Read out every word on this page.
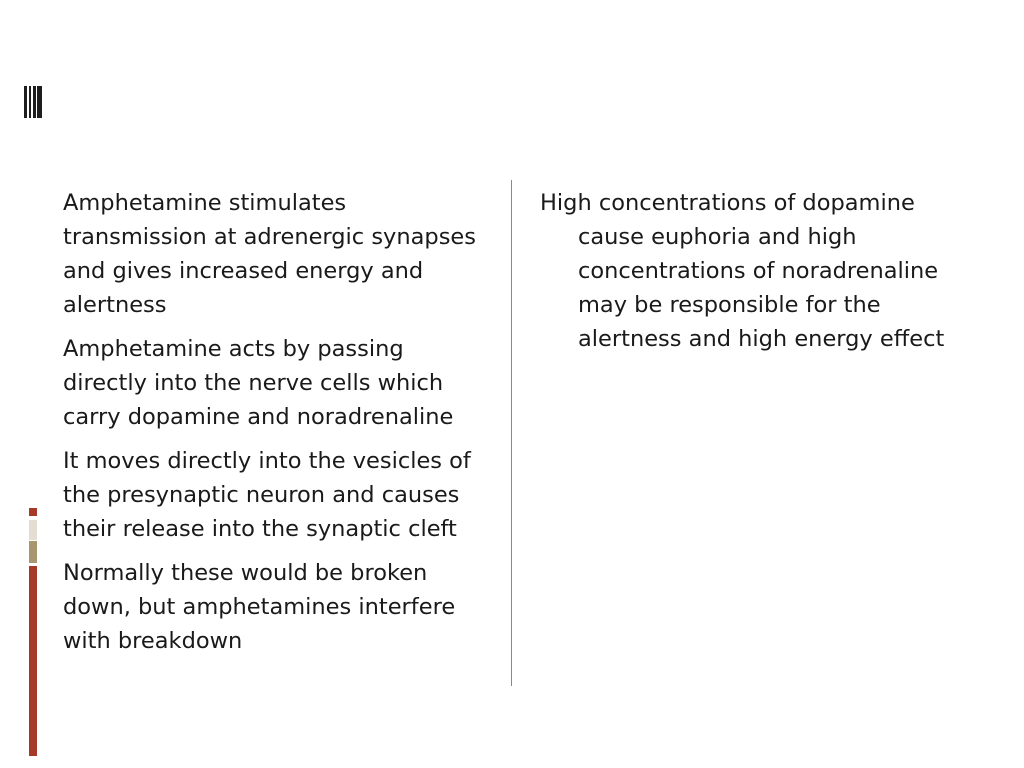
Amphetamine stimulates transmission at adrenergic synapses and gives increased energy and alertness

Amphetamine acts by passing directly into the nerve cells which carry dopamine and noradrenaline

It moves directly into the vesicles of the presynaptic neuron and causes their release into the synaptic cleft

Normally these would be broken down, but amphetamines interfere with breakdown

High concentrations of dopamine cause euphoria and high concentrations of noradrenaline may be responsible for the alertness and high energy effect
